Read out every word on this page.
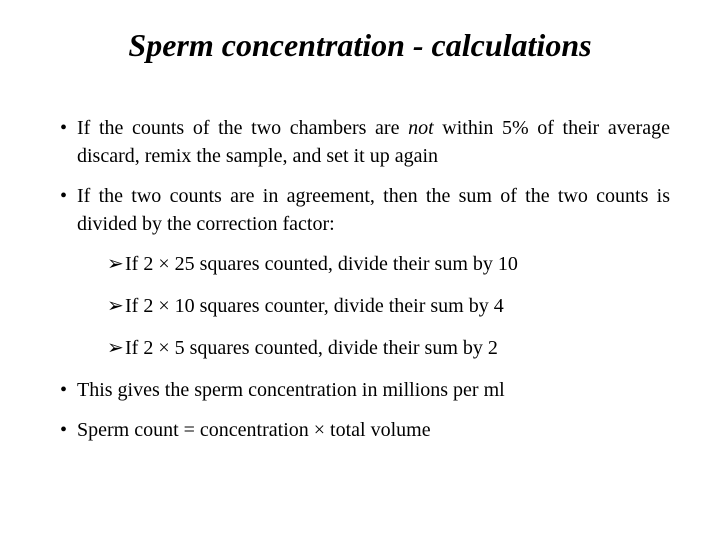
Sperm concentration - calculations
• If the counts of the two chambers are not within 5% of their average discard, remix the sample, and set it up again
• If the two counts are in agreement, then the sum of the two counts is divided by the correction factor:
➢ If 2 × 25 squares counted, divide their sum by 10
➢ If 2 × 10 squares counter, divide their sum by 4
➢ If 2 × 5 squares counted, divide their sum by 2
• This gives the sperm concentration in millions per ml
• Sperm count = concentration × total volume
